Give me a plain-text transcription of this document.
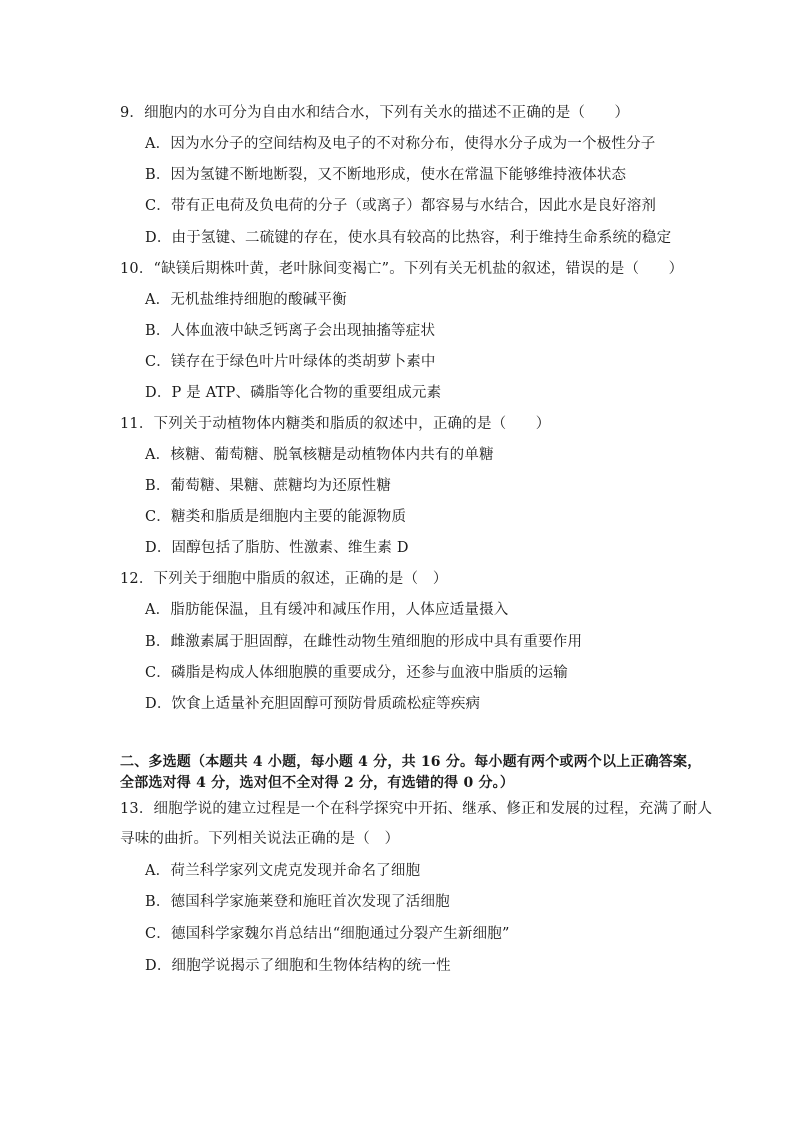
9．细胞内的水可分为自由水和结合水，下列有关水的描述不正确的是（　　）
A．因为水分子的空间结构及电子的不对称分布，使得水分子成为一个极性分子
B．因为氢键不断地断裂，又不断地形成，使水在常温下能够维持液体状态
C．带有正电荷及负电荷的分子（或离子）都容易与水结合，因此水是良好溶剂
D．由于氢键、二硫键的存在，使水具有较高的比热容，利于维持生命系统的稳定
10．“缺镁后期株叶黄，老叶脉间变褐亡”。下列有关无机盐的叙述，错误的是（　　）
A．无机盐维持细胞的酸碱平衡
B．人体血液中缺乏钙离子会出现抽搐等症状
C．镁存在于绿色叶片叶绿体的类胡萝卜素中
D．P 是 ATP、磷脂等化合物的重要组成元素
11．下列关于动植物体内糖类和脂质的叙述中，正确的是（　　）
A．核糖、葡萄糖、脱氧核糖是动植物体内共有的单糖
B．葡萄糖、果糖、蔗糖均为还原性糖
C．糖类和脂质是细胞内主要的能源物质
D．固醇包括了脂肪、性激素、维生素 D
12．下列关于细胞中脂质的叙述，正确的是（　）
A．脂肪能保温，且有缓冲和减压作用，人体应适量摄入
B．雌激素属于胆固醇，在雌性动物生殖细胞的形成中具有重要作用
C．磷脂是构成人体细胞膜的重要成分，还参与血液中脂质的运输
D．饮食上适量补充胆固醇可预防骨质疏松症等疾病
二、多选题（本题共 4 小题，每小题 4 分，共 16 分。每小题有两个或两个以上正确答案，
全部选对得 4 分，选对但不全对得 2 分，有选错的得 0 分。）
13．细胞学说的建立过程是一个在科学探究中开拓、继承、修正和发展的过程，充满了耐人
寻味的曲折。下列相关说法正确的是（　）
A．荷兰科学家列文虎克发现并命名了细胞
B．德国科学家施莱登和施旺首次发现了活细胞
C．德国科学家魏尔肖总结出“细胞通过分裂产生新细胞”
D．细胞学说揭示了细胞和生物体结构的统一性
